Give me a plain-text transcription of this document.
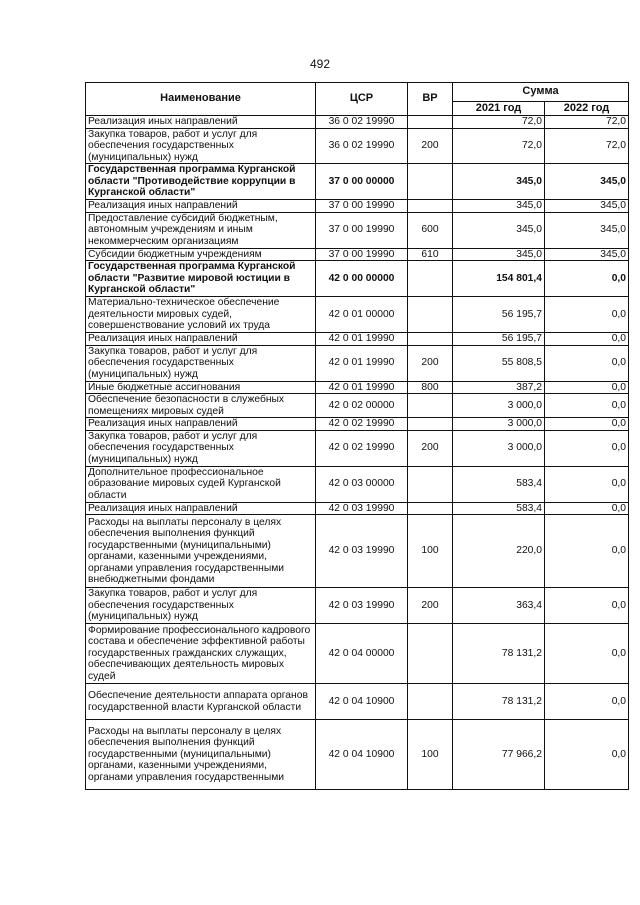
492
Наименование	ЦСР	ВР	Сумма	
			2021 год	2022 год
Реализация иных направлений	36 0 02 19990		72,0	72,0
Закупка товаров, работ и услуг для обеспечения государственных (муниципальных) нужд	36 0 02 19990	200	72,0	72,0
Государственная программа Курганской области "Противодействие коррупции в Курганской области"	37 0 00 00000		345,0	345,0
Реализация иных направлений	37 0 00 19990		345,0	345,0
Предоставление субсидий бюджетным, автономным учреждениям и иным некоммерческим организациям	37 0 00 19990	600	345,0	345,0
Субсидии бюджетным учреждениям	37 0 00 19990	610	345,0	345,0
Государственная программа Курганской области "Развитие мировой юстиции в Курганской области"	42 0 00 00000		154 801,4	0,0
Материально-техническое обеспечение деятельности мировых судей, совершенствование условий их труда	42 0 01 00000		56 195,7	0,0
Реализация иных направлений	42 0 01 19990		56 195,7	0,0
Закупка товаров, работ и услуг для обеспечения государственных (муниципальных) нужд	42 0 01 19990	200	55 808,5	0,0
Иные бюджетные ассигнования	42 0 01 19990	800	387,2	0,0
Обеспечение безопасности в служебных помещениях мировых судей	42 0 02 00000		3 000,0	0,0
Реализация иных направлений	42 0 02 19990		3 000,0	0,0
Закупка товаров, работ и услуг для обеспечения государственных (муниципальных) нужд	42 0 02 19990	200	3 000,0	0,0
Дополнительное профессиональное образование мировых судей Курганской области	42 0 03 00000		583,4	0,0
Реализация иных направлений	42 0 03 19990		583,4	0,0
Расходы на выплаты персоналу в целях обеспечения выполнения функций государственными (муниципальными) органами, казенными учреждениями, органами управления государственными внебюджетными фондами	42 0 03 19990	100	220,0	0,0
Закупка товаров, работ и услуг для обеспечения государственных (муниципальных) нужд	42 0 03 19990	200	363,4	0,0
Формирование профессионального кадрового состава и обеспечение эффективной работы государственных гражданских служащих, обеспечивающих деятельность мировых судей	42 0 04 00000		78 131,2	0,0
Обеспечение деятельности аппарата органов государственной власти Курганской области	42 0 04 10900		78 131,2	0,0
Расходы на выплаты персоналу в целях обеспечения выполнения функций государственными (муниципальными) органами, казенными учреждениями, органами управления государственными	42 0 04 10900	100	77 966,2	0,0
